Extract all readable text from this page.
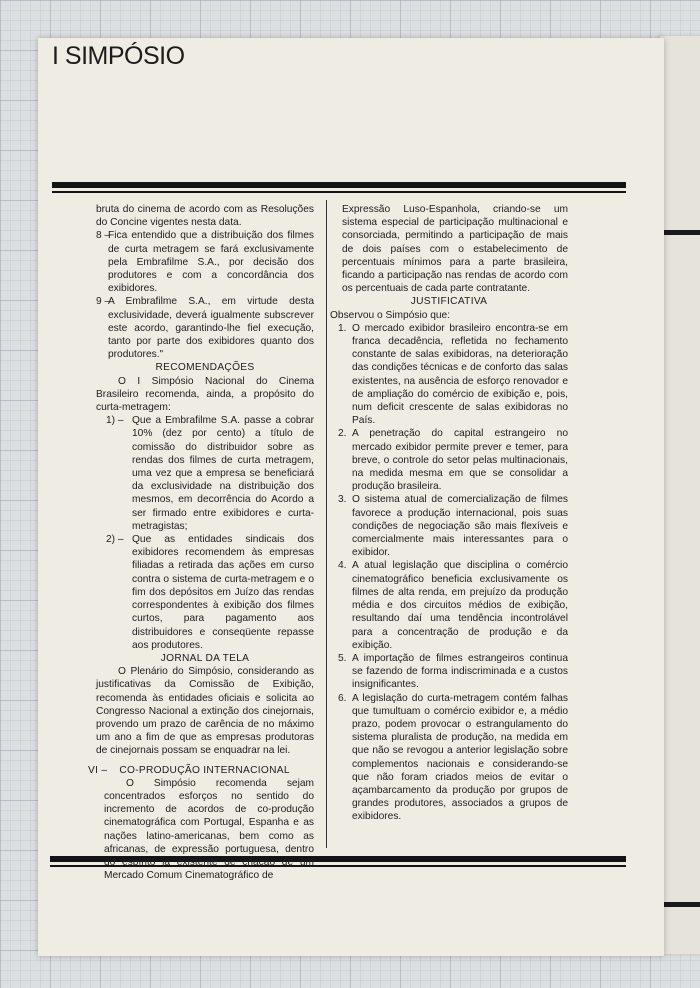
I SIMPÓSIO

bruta do cinema de acordo com as Resoluções do Concine vigentes nesta data.

8 –
Fica entendido que a distribuição dos filmes de curta metragem se fará exclusivamente pela Embrafilme S.A., por decisão dos produtores e com a concordância dos exibidores.

9 –
A Embrafilme S.A., em virtude desta exclusividade, deverá igualmente subscrever este acordo, garantindo-lhe fiel execução, tanto por parte dos exibidores quanto dos produtores."

RECOMENDAÇÕES

O I Simpósio Nacional do Cinema Brasileiro recomenda, ainda, a propósito do curta-metragem:

1) – Que a Embrafilme S.A. passe a cobrar 10% (dez por cento) a título de comissão do distribuidor sobre as rendas dos filmes de curta metragem, uma vez que a empresa se beneficiará da exclusividade na distribuição dos mesmos, em decorrência do Acordo a ser firmado entre exibidores e curta-metragistas;

2) – Que as entidades sindicais dos exibidores recomendem às empresas filiadas a retirada das ações em curso contra o sistema de curta-metragem e o fim dos depósitos em Juízo das rendas correspondentes à exibição dos filmes curtos, para pagamento aos distribuidores e conseqüente repasse aos produtores.

JORNAL DA TELA

O Plenário do Simpósio, considerando as justificativas da Comissão de Exibição, recomenda às entidades oficiais e solicita ao Congresso Nacional a extinção dos cinejornais, provendo um prazo de carência de no máximo um ano a fim de que as empresas produtoras de cinejornais possam se enquadrar na lei.

VI – CO-PRODUÇÃO INTERNACIONAL

O Simpósio recomenda sejam concentrados esforços no sentido do incremento de acordos de co-produção cinematográfica com Portugal, Espanha e as nações latino-americanas, bem como as africanas, de expressão portuguesa, dentro do espírito já existente de criação de um Mercado Comum Cinematográfico de

Expressão Luso-Espanhola, criando-se um sistema especial de participação multinacional e consorciada, permitindo a participação de mais de dois países com o estabelecimento de percentuais mínimos para a parte brasileira, ficando a participação nas rendas de acordo com os percentuais de cada parte contratante.

JUSTIFICATIVA

Observou o Simpósio que:

1. O mercado exibidor brasileiro encontra-se em franca decadência, refletida no fechamento constante de salas exibidoras, na deterioração das condições técnicas e de conforto das salas existentes, na ausência de esforço renovador e de ampliação do comércio de exibição e, pois, num deficit crescente de salas exibidoras no País.

2. A penetração do capital estrangeiro no mercado exibidor permite prever e temer, para breve, o controle do setor pelas multinacionais, na medida mesma em que se consolidar a produção brasileira.

3. O sistema atual de comercialização de filmes favorece a produção internacional, pois suas condições de negociação são mais flexíveis e comercialmente mais interessantes para o exibidor.

4. A atual legislação que disciplina o comércio cinematográfico beneficia exclusivamente os filmes de alta renda, em prejuízo da produção média e dos circuitos médios de exibição, resultando daí uma tendência incontrolável para a concentração de produção e da exibição.

5. A importação de filmes estrangeiros continua se fazendo de forma indiscriminada e a custos insignificantes.

6. A legislação do curta-metragem contém falhas que tumultuam o comércio exibidor e, a médio prazo, podem provocar o estrangulamento do sistema pluralista de produção, na medida em que não se revogou a anterior legislação sobre complementos nacionais e considerando-se que não foram criados meios de evitar o açambarcamento da produção por grupos de grandes produtores, associados a grupos de exibidores.
